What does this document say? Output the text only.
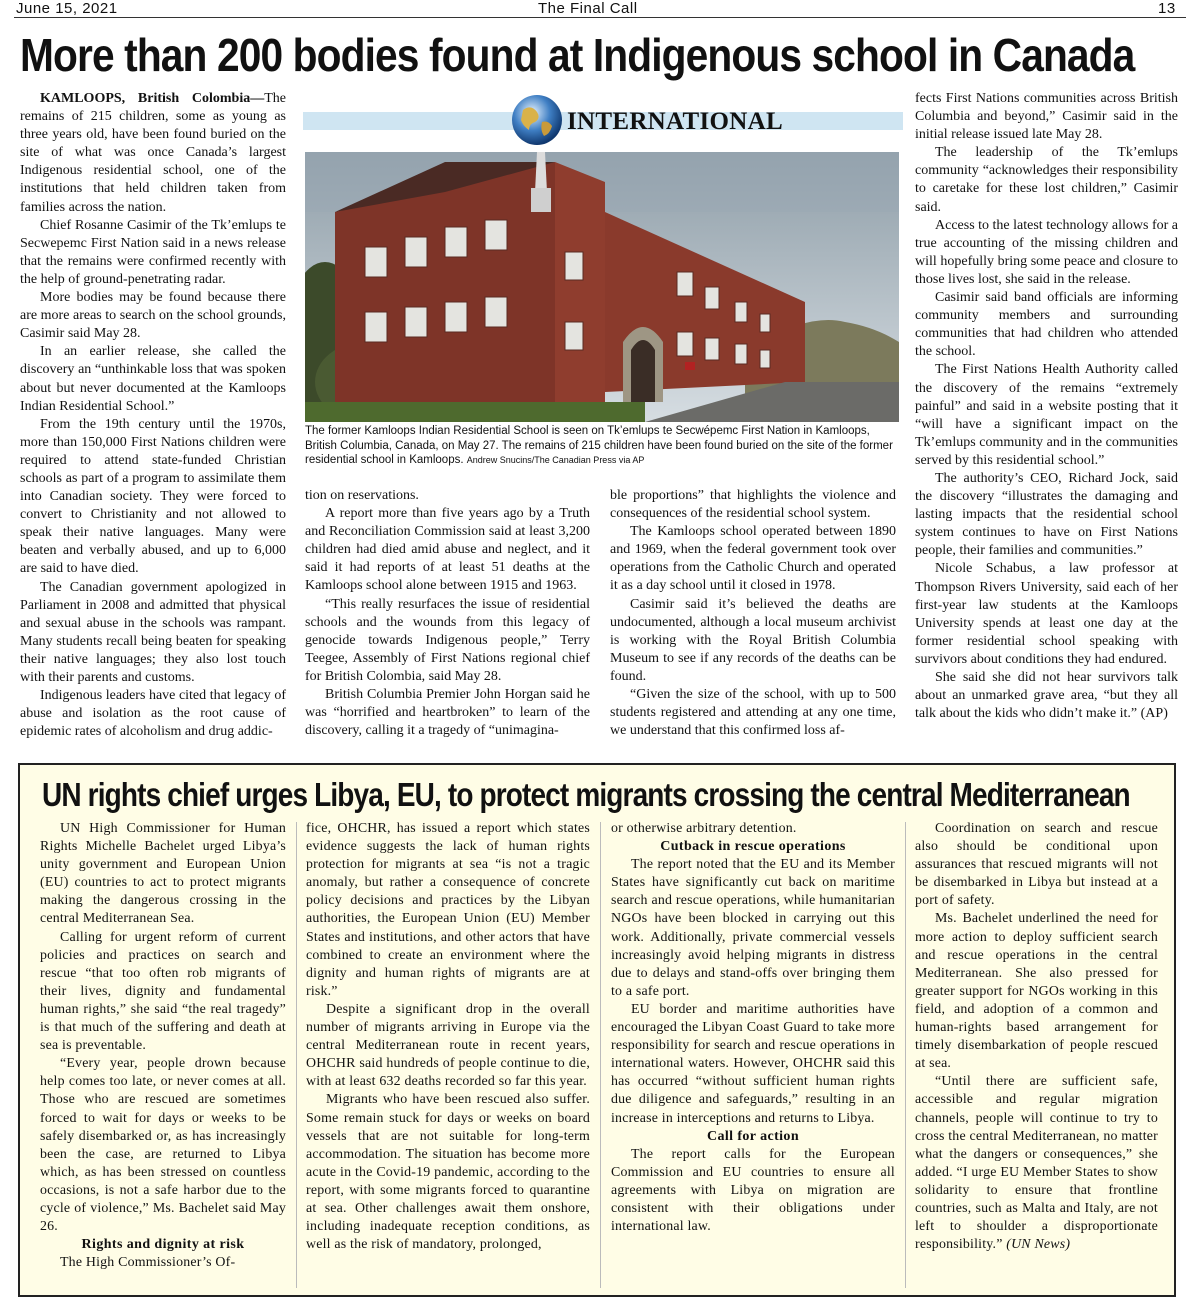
June 15, 2021	The Final Call	13
More than 200 bodies found at Indigenous school in Canada

KAMLOOPS, British Colombia—The remains of 215 children, some as young as three years old, have been found buried on the site of what was once Canada’s largest Indigenous residential school, one of the institutions that held children taken from families across the nation.

Chief Rosanne Casimir of the Tk’emlups te Secwepemc First Nation said in a news release that the remains were confirmed recently with the help of ground-penetrating radar.

More bodies may be found because there are more areas to search on the school grounds, Casimir said May 28.

In an earlier release, she called the discovery an “unthinkable loss that was spoken about but never documented at the Kamloops Indian Residential School.”

From the 19th century until the 1970s, more than 150,000 First Nations children were required to attend state-funded Christian schools as part of a program to assimilate them into Canadian society. They were forced to convert to Christianity and not allowed to speak their native languages. Many were beaten and verbally abused, and up to 6,000 are said to have died.

The Canadian government apologized in Parliament in 2008 and admitted that physical and sexual abuse in the schools was rampant. Many students recall being beaten for speaking their native languages; they also lost touch with their parents and customs.

Indigenous leaders have cited that legacy of abuse and isolation as the root cause of epidemic rates of alcoholism and drug addic-

INTERNATIONAL
The former Kamloops Indian Residential School is seen on Tk’emlups te Secwépemc First Nation in Kamloops, British Columbia, Canada, on May 27. The remains of 215 children have been found buried on the site of the former residential school in Kamloops. Andrew Snucins/The Canadian Press via AP

tion on reservations.

A report more than five years ago by a Truth and Reconciliation Commission said at least 3,200 children had died amid abuse and neglect, and it said it had reports of at least 51 deaths at the Kamloops school alone between 1915 and 1963.

“This really resurfaces the issue of residential schools and the wounds from this legacy of genocide towards Indigenous people,” Terry Teegee, Assembly of First Nations regional chief for British Colombia, said May 28.

British Columbia Premier John Horgan said he was “horrified and heartbroken” to learn of the discovery, calling it a tragedy of “unimagina-

ble proportions” that highlights the violence and consequences of the residential school system.

The Kamloops school operated between 1890 and 1969, when the federal government took over operations from the Catholic Church and operated it as a day school until it closed in 1978.

Casimir said it’s believed the deaths are undocumented, although a local museum archivist is working with the Royal British Columbia Museum to see if any records of the deaths can be found.

“Given the size of the school, with up to 500 students registered and attending at any one time, we understand that this confirmed loss af-

fects First Nations communities across British Columbia and beyond,” Casimir said in the initial release issued late May 28.

The leadership of the Tk’emlups community “acknowledges their responsibility to caretake for these lost children,” Casimir said.

Access to the latest technology allows for a true accounting of the missing children and will hopefully bring some peace and closure to those lives lost, she said in the release.

Casimir said band officials are informing community members and surrounding communities that had children who attended the school.

The First Nations Health Authority called the discovery of the remains “extremely painful” and said in a website posting that it “will have a significant impact on the Tk’emlups community and in the communities served by this residential school.”

The authority’s CEO, Richard Jock, said the discovery “illustrates the damaging and lasting impacts that the residential school system continues to have on First Nations people, their families and communities.”

Nicole Schabus, a law professor at Thompson Rivers University, said each of her first-year law students at the Kamloops University spends at least one day at the former residential school speaking with survivors about conditions they had endured.

She said she did not hear survivors talk about an unmarked grave area, “but they all talk about the kids who didn’t make it.” (AP)

UN rights chief urges Libya, EU, to protect migrants crossing the central Mediterranean

UN High Commissioner for Human Rights Michelle Bachelet urged Libya’s unity government and European Union (EU) countries to act to protect migrants making the dangerous crossing in the central Mediterranean Sea.

Calling for urgent reform of current policies and practices on search and rescue “that too often rob migrants of their lives, dignity and fundamental human rights,” she said “the real tragedy” is that much of the suffering and death at sea is preventable.

“Every year, people drown because help comes too late, or never comes at all. Those who are rescued are sometimes forced to wait for days or weeks to be safely disembarked or, as has increasingly been the case, are returned to Libya which, as has been stressed on countless occasions, is not a safe harbor due to the cycle of violence,” Ms. Bachelet said May 26.

Rights and dignity at risk

The High Commissioner’s Of-

fice, OHCHR, has issued a report which states evidence suggests the lack of human rights protection for migrants at sea “is not a tragic anomaly, but rather a consequence of concrete policy decisions and practices by the Libyan authorities, the European Union (EU) Member States and institutions, and other actors that have combined to create an environment where the dignity and human rights of migrants are at risk.”

Despite a significant drop in the overall number of migrants arriving in Europe via the central Mediterranean route in recent years, OHCHR said hundreds of people continue to die, with at least 632 deaths recorded so far this year.

Migrants who have been rescued also suffer. Some remain stuck for days or weeks on board vessels that are not suitable for long-term accommodation. The situation has become more acute in the Covid-19 pandemic, according to the report, with some migrants forced to quarantine at sea. Other challenges await them onshore, including inadequate reception conditions, as well as the risk of mandatory, prolonged,

or otherwise arbitrary detention.

Cutback in rescue operations

The report noted that the EU and its Member States have significantly cut back on maritime search and rescue operations, while humanitarian NGOs have been blocked in carrying out this work. Additionally, private commercial vessels increasingly avoid helping migrants in distress due to delays and stand-offs over bringing them to a safe port.

EU border and maritime authorities have encouraged the Libyan Coast Guard to take more responsibility for search and rescue operations in international waters. However, OHCHR said this has occurred “without sufficient human rights due diligence and safeguards,” resulting in an increase in interceptions and returns to Libya.

Call for action

The report calls for the European Commission and EU countries to ensure all agreements with Libya on migration are consistent with their obligations under international law.

Coordination on search and rescue also should be conditional upon assurances that rescued migrants will not be disembarked in Libya but instead at a port of safety.

Ms. Bachelet underlined the need for more action to deploy sufficient search and rescue operations in the central Mediterranean. She also pressed for greater support for NGOs working in this field, and adoption of a common and human-rights based arrangement for timely disembarkation of people rescued at sea.

“Until there are sufficient safe, accessible and regular migration channels, people will continue to try to cross the central Mediterranean, no matter what the dangers or consequences,” she added. “I urge EU Member States to show solidarity to ensure that frontline countries, such as Malta and Italy, are not left to shoulder a disproportionate responsibility.” (UN News)
